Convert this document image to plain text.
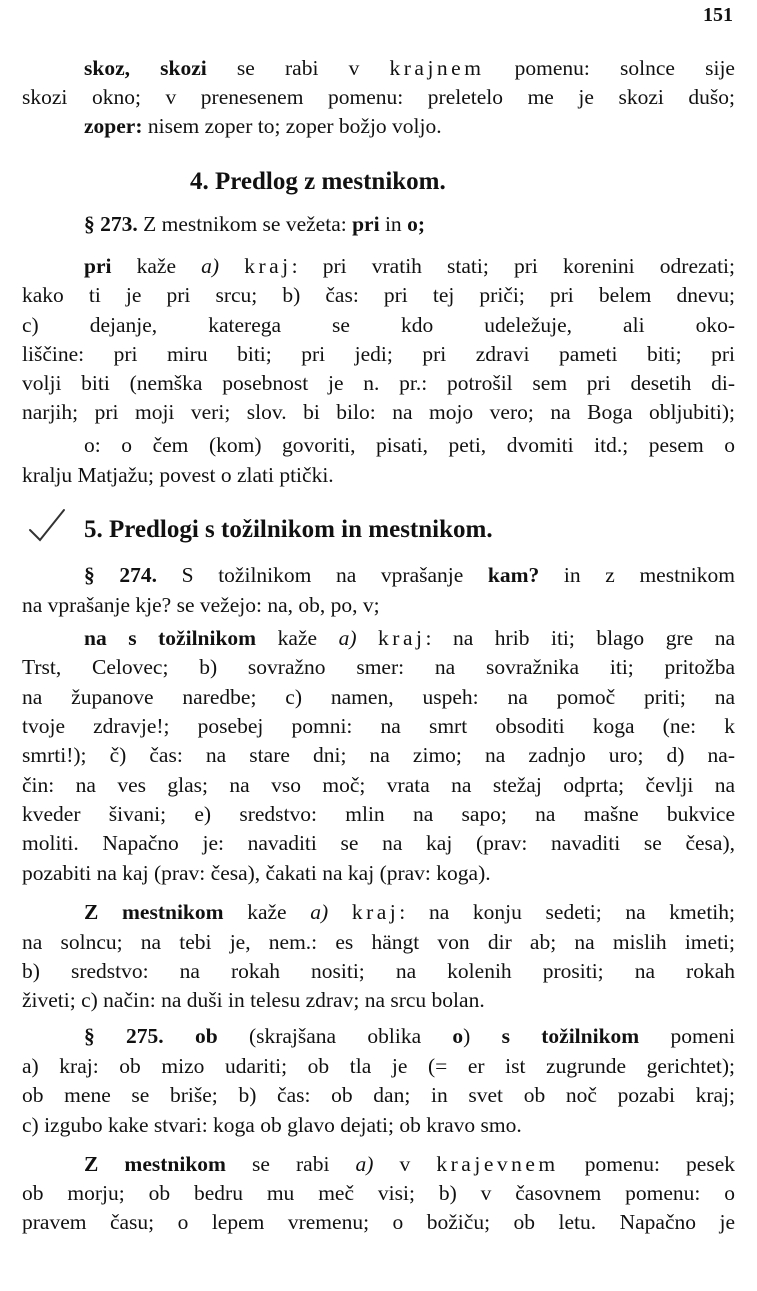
151
skoz, skozi se rabi v krajnem pomenu: solnce sije
skozi okno; v prenesenem pomenu: preletelo me je skozi dušo;
zoper: nisem zoper to; zoper božjo voljo.
4. Predlog z mestnikom.
§ 273. Z mestnikom se vežeta: pri in o;
pri kaže a) kraj: pri vratih stati; pri korenini odrezati;
kako ti je pri srcu; b) čas: pri tej priči; pri belem dnevu;
c) dejanje, katerega se kdo udeležuje, ali oko-
liščine: pri miru biti; pri jedi; pri zdravi pameti biti; pri
volji biti (nemška posebnost je n. pr.: potrošil sem pri desetih di-
narjih; pri moji veri; slov. bi bilo: na mojo vero; na Boga obljubiti);
o: o čem (kom) govoriti, pisati, peti, dvomiti itd.; pesem o
kralju Matjažu; povest o zlati ptički.
5. Predlogi s tožilnikom in mestnikom.
§ 274. S tožilnikom na vprašanje kam? in z mestnikom
na vprašanje kje? se vežejo: na, ob, po, v;
na s tožilnikom kaže a) kraj: na hrib iti; blago gre na
Trst, Celovec; b) sovražno smer: na sovražnika iti; pritožba
na županove naredbe; c) namen, uspeh: na pomoč priti; na
tvoje zdravje!; posebej pomni: na smrt obsoditi koga (ne: k
smrti!); č) čas: na stare dni; na zimo; na zadnjo uro; d) na-
čin: na ves glas; na vso moč; vrata na stežaj odprta; čevlji na
kveder šivani; e) sredstvo: mlin na sapo; na mašne bukvice
moliti. Napačno je: navaditi se na kaj (prav: navaditi se česa),
pozabiti na kaj (prav: česa), čakati na kaj (prav: koga).
Z mestnikom kaže a) kraj: na konju sedeti; na kmetih;
na solncu; na tebi je, nem.: es hängt von dir ab; na mislih imeti;
b) sredstvo: na rokah nositi; na kolenih prositi; na rokah
živeti; c) način: na duši in telesu zdrav; na srcu bolan.
§ 275. ob (skrajšana oblika o) s tožilnikom pomeni
a) kraj: ob mizo udariti; ob tla je (= er ist zugrunde gerichtet);
ob mene se briše; b) čas: ob dan; in svet ob noč pozabi kraj;
c) izgubo kake stvari: koga ob glavo dejati; ob kravo smo.
Z mestnikom se rabi a) v krajevnem pomenu: pesek
ob morju; ob bedru mu meč visi; b) v časovnem pomenu: o
pravem času; o lepem vremenu; o božiču; ob letu. Napačno je
